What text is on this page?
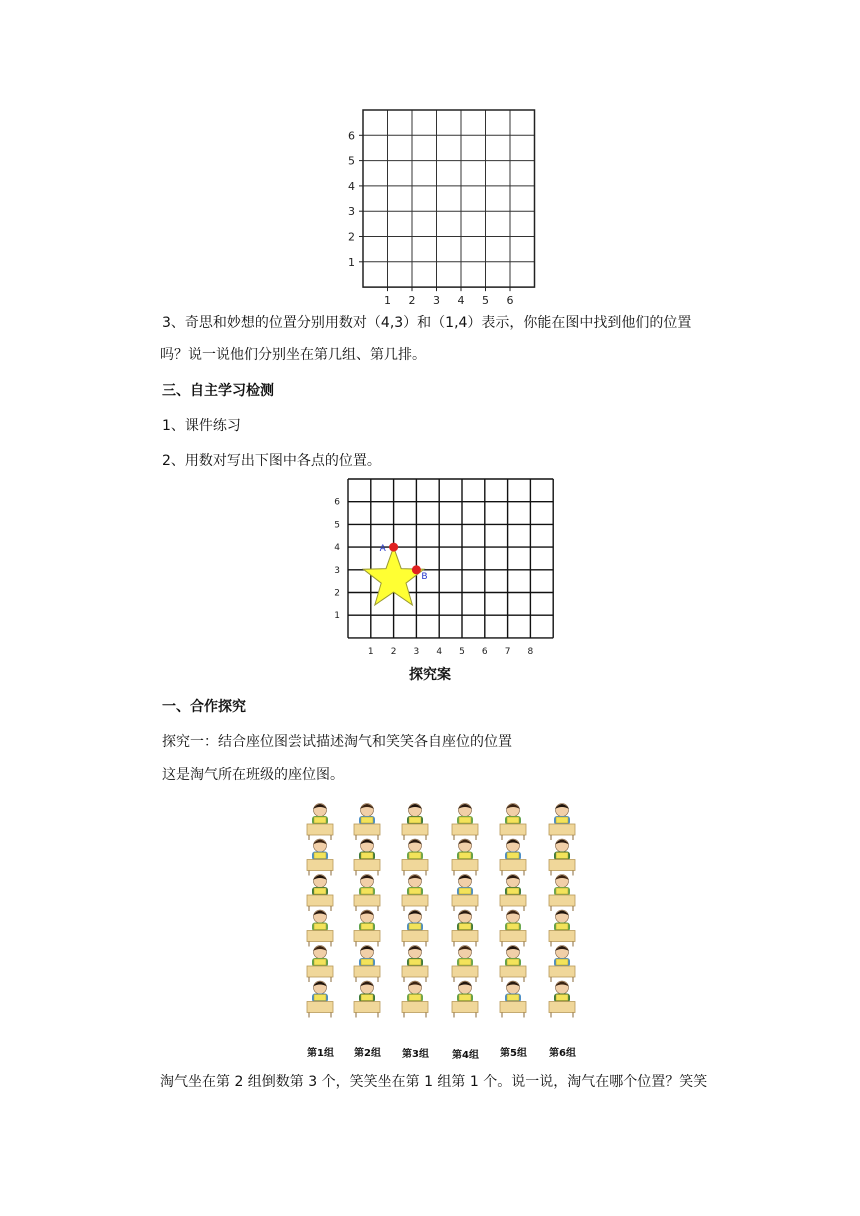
1 2 3 4 5 6
1
2
3
4
5
6
3、奇思和妙想的位置分别用数对（4,3）和（1,4）表示，你能在图中找到他们的位置
吗？说一说他们分别坐在第几组、第几排。
三、自主学习检测
1、课件练习
2、用数对写出下图中各点的位置。
1 2 3 4 5 6 7 8
1
2
3
4
5
6
A
B
探究案
一、合作探究
探究一：结合座位图尝试描述淘气和笑笑各自座位的位置
这是淘气所在班级的座位图。
第1组 第2组 第3组 第4组 第5组 第6组
淘气坐在第 2 组倒数第 3 个，笑笑坐在第 1 组第 1 个。说一说，淘气在哪个位置？笑笑
